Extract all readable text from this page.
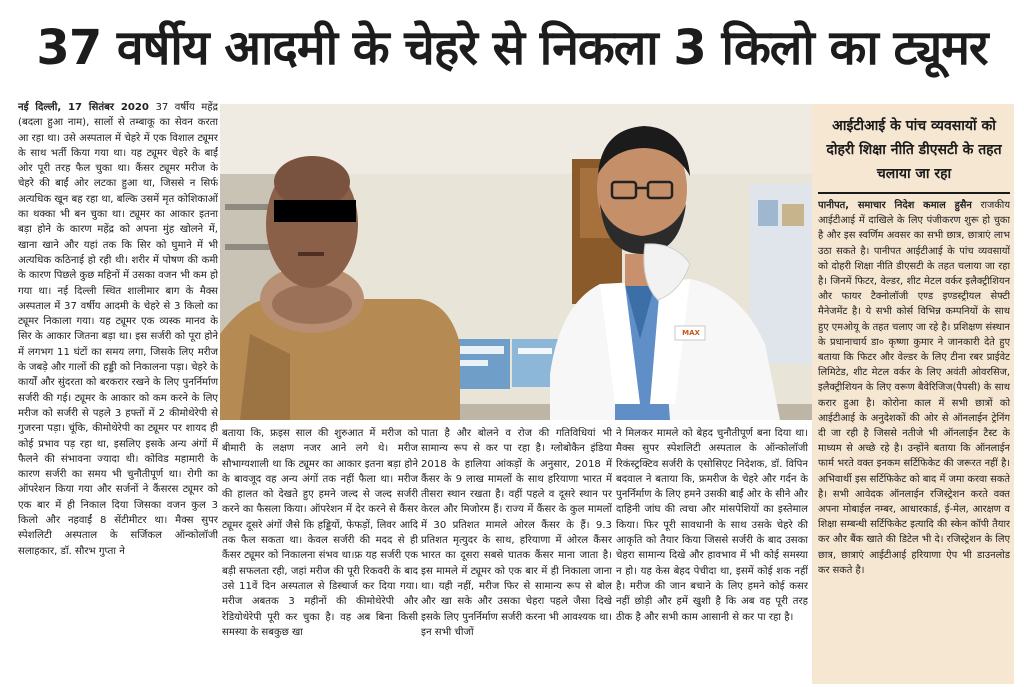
37 वर्षीय आदमी के चेहरे से निकला 3 किलो का ट्यूमर
नई दिल्ली, 17 सितंबर 2020 37 वर्षीय महेंद्र (बदला हुआ नाम), सालों से तम्बाकू का सेवन करता आ रहा था। उसे अस्पताल में चेहरे में एक विशाल ट्यूमर के साथ भर्ती किया गया था। यह ट्यूमर चेहरे के बाईं ओर पूरी तरह फैल चुका था। कैंसर ट्यूमर मरीज के चेहरे की बाईं ओर लटका हुआ था, जिससे न सिर्फ अत्यधिक खून बह रहा था, बल्कि उसमें मृत कोशिकाओं का थक्का भी बन चुका था। ट्यूमर का आकार इतना बड़ा होने के कारण महेंद्र को अपना मुंह खोलने में, खाना खाने और यहां तक कि सिर को घुमाने में भी अत्यधिक कठिनाई हो रही थी। शरीर में पोषण की कमी के कारण पिछले कुछ महिनों में उसका वजन भी कम हो गया था। नई दिल्ली स्थित शालीमार बाग के मैक्स अस्पताल में 37 वर्षीय आदमी के चेहरे से 3 किलो का ट्यूमर निकाला गया। यह ट्यूमर एक व्यस्क मानव के सिर के आकार जितना बड़ा था। इस सर्जरी को पूरा होने में लगभग 11 घंटों का समय लगा, जिसके लिए मरीज के जबड़े और गालों की हड्डी को निकालना पड़ा। चेहरे के कार्यों और सुंदरता को बरकरार रखने के लिए पुनर्निर्माण सर्जरी की गई। ट्यूमर के आकार को कम करने के लिए मरीज को सर्जरी से पहले 3 हफ्तों में 2 कीमोथेरेपी से गुजरना पड़ा। चूंकि, कीमोथेरेपी का ट्यूमर पर शायद ही कोई प्रभाव पड़ रहा था, इसलिए इसके अन्य अंगों में फैलने की संभावना ज्यादा थी। कोविड महामारी के कारण सर्जरी का समय भी चुनौतीपूर्ण था। रोगी का ऑपरेशन किया गया और सर्जनों ने कैंसरस ट्यूमर को एक बार में ही निकाल दिया जिसका वजन कुल 3 किलो और नहवाईं 8 सेंटीमीटर था। मैक्स सुपर स्पेशलिटी अस्पताल के सर्जिकल ऑन्कोलॉजी सलाहकार, डॉ. सौरभ गुप्ता ने
MAX
बताया कि, फ्रइस साल की शुरुआत में मरीज को बीमारी के लक्षण नजर आने लगे थे। मरीज सौभाग्यशाली था कि ट्यूमर का आकार इतना बड़ा होने के बावजूद वह अन्य अंगों तक नहीं फैला था। मरीज की हालत को देखते हुए हमने जल्द से जल्द सर्जरी करने का फैसला किया। ऑपरेशन में देर करने से कैंसर ट्यूमर दूसरे अंगों जैसे कि हड्डियों, फेफड़ों, लिवर आदि तक फैल सकता था। केवल सर्जरी की मदद से ही कैंसर ट्यूमर को निकालना संभव था।फ्र यह सर्जरी एक बड़ी सफलता रही, जहां मरीज की पूरी रिकवरी के बाद उसे 11वें दिन अस्पताल से डिस्चार्ज कर दिया गया। मरीज अबतक 3 महीनों की कीमोथेरेपी और रेडियोथेरेपी पूरी कर चुका है। वह अब बिना किसी समस्या के सबकुछ खा
पाता है और बोलने व रोज की गतिविधियां भी सामान्य रूप से कर पा रहा है। ग्लोबोकैन इंडिया 2018 के हालिया आंकड़ों के अनुसार, 2018 में कैंसर के 9 लाख मामलों के साथ हरियाणा भारत में तीसरा स्थान रखता है। वहीं पहले व दूसरे स्थान पर केरल और मिजोरम हैं। राज्य में कैंसर के कुल मामलों में 30 प्रतिशत मामले ओरल कैंसर के हैं। 9.3 प्रतिशत मृत्युदर के साथ, हरियाणा में ओरल कैंसर भारत का दूसरा सबसे घातक कैंसर माना जाता है। इस मामले में ट्यूमर को एक बार में ही निकाला जाना था। यही नहीं, मरीज फिर से सामान्य रूप से बोल और खा सके और उसका चेहरा पहले जैसा दिखे इसके लिए पुनर्निर्माण सर्जरी करना भी आवश्यक था। इन सभी चीजों
ने मिलकर मामले को बेहद चुनौतीपूर्ण बना दिया था। मैक्स सुपर स्पेशलिटी अस्पताल के ऑन्कोलॉजी रिकंस्ट्रक्टिव सर्जरी के एसोसिएट निदेशक, डॉ. विपिन बदवाल ने बताया कि, फ्रमरीज के चेहरे और गर्दन के पुनर्निर्माण के लिए हमने उसकी बाईं ओर के सीने और दाहिनी जांघ की त्वचा और मांसपेशियों का इस्तेमाल किया। फिर पूरी सावधानी के साथ उसके चेहरे की आकृति को तैयार किया जिससे सर्जरी के बाद उसका चेहरा सामान्य दिखे और हावभाव में भी कोई समस्या न हो। यह केस बेहद पेचीदा था, इसमें कोई शक नहीं है। मरीज की जान बचाने के लिए हमने कोई कसर नहीं छोड़ी और हमें खुशी है कि अब वह पूरी तरह ठीक है और सभी काम आसानी से कर पा रहा है।
आईटीआई के पांच व्यवसायों को दोहरी शिक्षा नीति डीएसटी के तहत चलाया जा रहा
पानीपत, समाचार निदेश कमाल हुसैन राजकीय आईटीआई में दाखिले के लिए पंजीकरण शुरू हो चुका है और इस स्वर्णिम अवसर का सभी छात्र, छात्राएं लाभ उठा सकते है। पानीपत आईटीआई के पांच व्यवसायों को दोहरी शिक्षा नीति डीएसटी के तहत चलाया जा रहा है। जिनमें फिटर, वेल्डर, शीट मेटल वर्कर इलैक्ट्रीशियन और फायर टैक्नोलॉजी एण्ड इण्डस्ट्रीयल सेफ्टी मैनेजमेंट है। ये सभी कोर्स विभिन्न कम्पनियों के साथ हुए एमओयू के तहत चलाए जा रहे है। प्रशिक्षण संस्थान के प्रधानाचार्य डा० कृष्णा कुमार ने जानकारी देते हुए बताया कि फिटर और वेल्डर के लिए टीना रबर प्राईवेट लिमिटेड, शीट मेटल वर्कर के लिए अवंती ओवरसिज, इलैक्ट्रीशियन के लिए वरूण बैवेरिजिज(पैपसी) के साथ करार हुआ है। कोरोना काल में सभी छात्रों को आईटीआई के अनुदेशकों की ओर से ऑनलाईन ट्रेनिंग दी जा रही है जिससे नतीजे भी ऑनलाईन टैस्ट के माध्यम से अच्छे रहे है। उन्होंने बताया कि ऑनलाईन फार्म भरते वक्त इनकम सर्टिफिकेट की जरूरत नहीं है। अभिवार्थी इस सर्टिफिकेट को बाद में जमा करवा सकते है। सभी आवेदक ऑनलाईन रजिस्ट्रेशन करते वक्त अपना मोबाईल नम्बर, आधारकार्ड, ई-मेल, आरक्षण व शिक्षा सम्बन्धी सर्टिफिकेट इत्यादि की स्केन कॉपी तैयार कर और बैंक खाते की डिटेल भी दे। रजिस्ट्रेशन के लिए छात्र, छात्राएं आईटीआई हरियाणा ऐप भी डाउनलोड कर सकते है।
